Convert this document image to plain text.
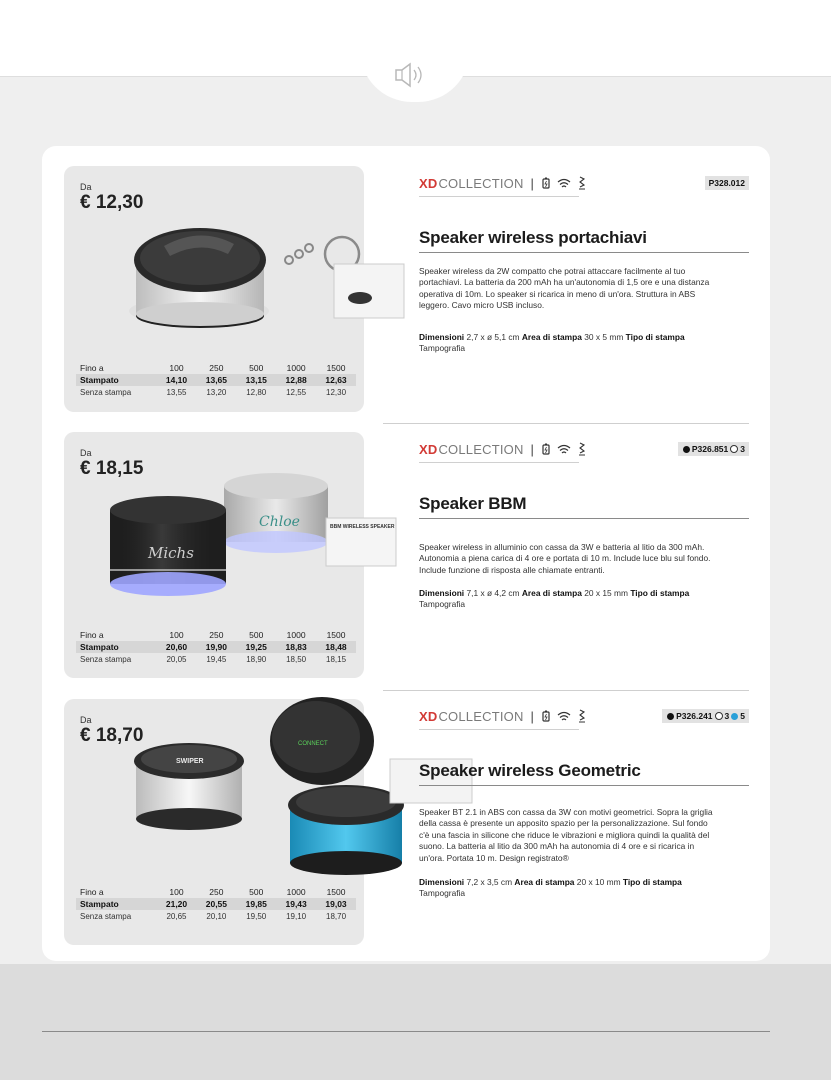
Da
€ 12,30
Fino a	100	250	500	1000	1500
Stampato	14,10	13,65	13,15	12,88	12,63
Senza stampa	13,55	13,20	12,80	12,55	12,30
XD COLLECTION |	P328.012
Speaker wireless portachiavi
Speaker wireless da 2W compatto che potrai attaccare facilmente al tuo portachiavi. La batteria da 200 mAh ha un'autonomia di 1,5 ore e una distanza operativa di 10m. Lo speaker si ricarica in meno di un'ora. Struttura in ABS leggero. Cavo micro USB incluso.
Dimensioni 2,7 x ø 5,1 cm Area di stampa 30 x 5 mm Tipo di stampa
Tampografia
Da
€ 18,15
Chloe
Michs
BBM WIRELESS SPEAKER
Fino a	100	250	500	1000	1500
Stampato	20,60	19,90	19,25	18,83	18,48
Senza stampa	20,05	19,45	18,90	18,50	18,15
XD COLLECTION |	P326.851 3
Speaker BBM
Speaker wireless in alluminio con cassa da 3W e batteria al litio da 300 mAh. Autonomia a piena carica di 4 ore e portata di 10 m. Include luce blu sul fondo. Include funzione di risposta alle chiamate entranti.
Dimensioni 7,1 x ø 4,2 cm Area di stampa 20 x 15 mm Tipo di stampa
Tampografia
Da
€ 18,70	CONNECT
SWIPER
Fino a	100	250	500	1000	1500
Stampato	21,20	20,55	19,85	19,43	19,03
Senza stampa	20,65	20,10	19,50	19,10	18,70
XD COLLECTION |	P326.241 3 5
Speaker wireless Geometric
Speaker BT 2.1 in ABS con cassa da 3W con motivi geometrici. Sopra la griglia della cassa è presente un apposito spazio per la personalizzazione. Sul fondo c'è una fascia in silicone che riduce le vibrazioni e migliora quindi la qualità del suono. La batteria al litio da 300 mAh ha autonomia di 4 ore e si ricarica in un'ora. Portata 10 m. Design registrato®
Dimensioni 7,2 x 3,5 cm Area di stampa 20 x 10 mm Tipo di stampa
Tampografia
